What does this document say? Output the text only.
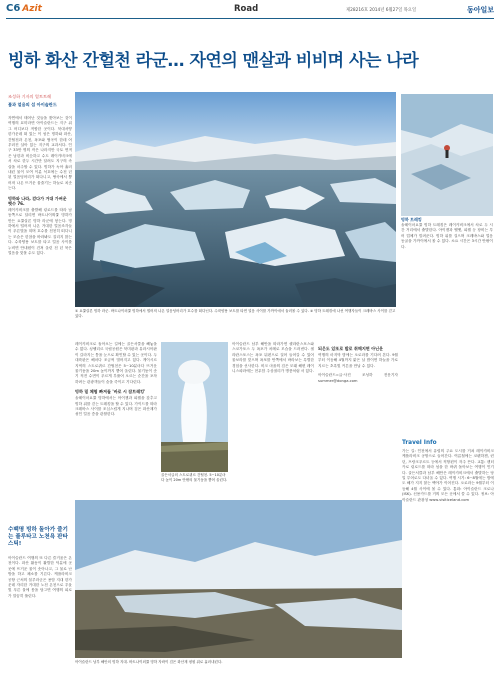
C6 Azit	Road	제28216호 2014년 6월27일 목요일	동아일보
빙하 화산 간헐천 라군… 자연의 맨살과 비비며 사는 나라
조성하 기자의 열트트레
불과 얼음의 섬 아이슬란드
자연에서 태어난 것들을 찾아보는 것이 여행의 묘미라면 아이슬란드는 지구 위 그 어디보다 적합한 곳이다. 북대서양 한가운데 떠 있는 이 섬은 빙하와 화산, 간헐천과 온천, 폭포와 협곡이 한데 어우러진 살아 있는 지구의 교과서다. 인구 33만 명의 작은 나라지만 국토 면적은 남한과 비슷하고 수도 레이캬비크에서 차로 한두 시간만 달려도 지구의 속살을 마주할 수 있다. 빙하가 녹아 흘러내린 물이 모여 이룬 석호에는 수천 년 된 얼음덩어리가 떠다니고, 땅속에서 뿜어져 나온 뜨거운 물줄기는 하늘로 치솟는다.
빙하와 나라, 걷다가 거대 가벼운 햇수 76.
레이캬비크를 출발해 링로드를 따라 남동쪽으로 달리면 바트나이외쿨 빙하가 만든 요쿨살론 빙하 라군에 닿는다. 빙하에서 떨어져 나온 거대한 얼음조각들이 푸른빛을 띠며 호수를 천천히 떠다니는 모습은 한참을 바라봐도 질리지 않는다. 수륙양용 보트를 타고 얼음 사이를 누비면 안내원이 건져 올린 천 년 묵은 얼음을 맛볼 수도 있다.
① 요쿨살론 빙하 라군. 바트나이외쿨 빙하에서 떨어져 나온 얼음덩어리가 호수를 떠다닌다. 수륙양용 보트를 타면 얼음 사이를 가까이에서 둘러볼 수 있다. ② 빙하 트레킹에 나선 여행자들이 크레바스 사이를 걷고 있다.
빙하 트레킹
솔헤이마요쿨 빙하 트레킹은 레이캬비크에서 차로 두 시간 거리에서 출발한다. 아이젠과 헬멧, 피켈 등 장비는 투어 업체가 빌려준다. 빙하 위를 걸으며 크레바스와 얼음 동굴을 가까이에서 볼 수 있다. 소요 시간은 3시간 안팎이다.
레이캬비크로 돌아오는 길에는 골든서클을 빼놓을 수 없다. 싱벨리르 국립공원은 북미판과 유라시아판이 갈라지는 틈을 눈으로 확인할 수 있는 곳이다. 두 대륙판은 해마다 조금씩 벌어지고 있다. 게이시르 지역의 스트로퀴르 간헐천은 5~10분마다 뜨거운 물기둥을 20m 높이까지 뿜어 올린다. 물기둥이 솟기 직전 수면이 푸르게 부풀어 오르는 순간을 포착하려는 관광객들이 숨을 죽이고 기다린다.
빙하 밑 체험 빠져들 '바로 시 잠트레킹'
솔헤이마요쿨 빙하에서는 아이젠과 피켈을 갖추고 빙하 위를 걷는 트레킹을 할 수 있다. 가이드를 따라 크레바스 사이를 조심스럽게 지나며 검은 화산재가 섞인 얼음 층을 관찰한다.
골든서클의 스트로퀴르 간헐천. 5~10분마다 높이 20m 안팎의 물기둥을 뿜어 올린다.
아이슬란드 남부 해안을 따라가면 셀랴란스포스와 스코가포스 두 폭포가 차례로 모습을 드러낸다. 셀랴란스포스는 폭포 뒤편으로 걸어 들어갈 수 있어 물보라를 맞으며 폭포를 안쪽에서 바라보는 특별한 경험을 선사한다. 비크 마을의 검은 모래 해변 레이니스퍄라에는 현무암 주상절리가 병풍처럼 서 있다.
되은도 있또로 발로 취해지면 아닌운
여행의 마지막 밤에는 오로라를 기다려 본다. 9월부터 이듬해 4월까지 맑은 날 밤이면 하늘을 가로지르는 초록빛 커튼을 만날 수 있다.
아이슬란드=글·사진 조성하 전문기자 summer@donga.com
Travel Info
가는 길: 인천에서 유럽의 주요 도시를 거쳐 레이캬비크 케플라비크 공항으로 들어간다. 여름철에는 코펜하겐, 런던, 프랑크푸르트 등에서 직항편이 자주 뜬다. 교통: 렌터카로 링로드를 따라 섬을 한 바퀴 돌아보는 여행이 인기다. 골든서클과 남부 해안은 레이캬비크에서 출발하는 당일 투어로도 다녀올 수 있다. 여행 시기: 6~8월에는 밤에도 해가 지지 않는 백야가 이어진다. 오로라는 9월부터 이듬해 4월 사이에 볼 수 있다. 통화: 아이슬란드 크로나(ISK). 신용카드를 거의 모든 곳에서 쓸 수 있다. 정보: 아이슬란드 관광청 www.visiticeland.com
수백명 빙하 돌아가 즐기는 플루타고 노천욕 판타스틱!
아이슬란드 여행의 또 다른 즐거움은 온천이다. 화산 활동이 활발한 덕분에 곳곳에 뜨거운 물이 솟아나고, 그 물로 난방을 하고 채소를 기른다. 케플라비크 공항 근처의 블루라군은 용암 지대 한가운데 자리한 거대한 노천 온천으로 우윳빛 푸른 물에 몸을 담그면 여행의 피로가 말끔히 풀린다.
아이슬란드 남부 해안의 빙하 지대. 바트나이외쿨 빙하 자락이 검은 화산재 평원 위로 흘러내린다.
